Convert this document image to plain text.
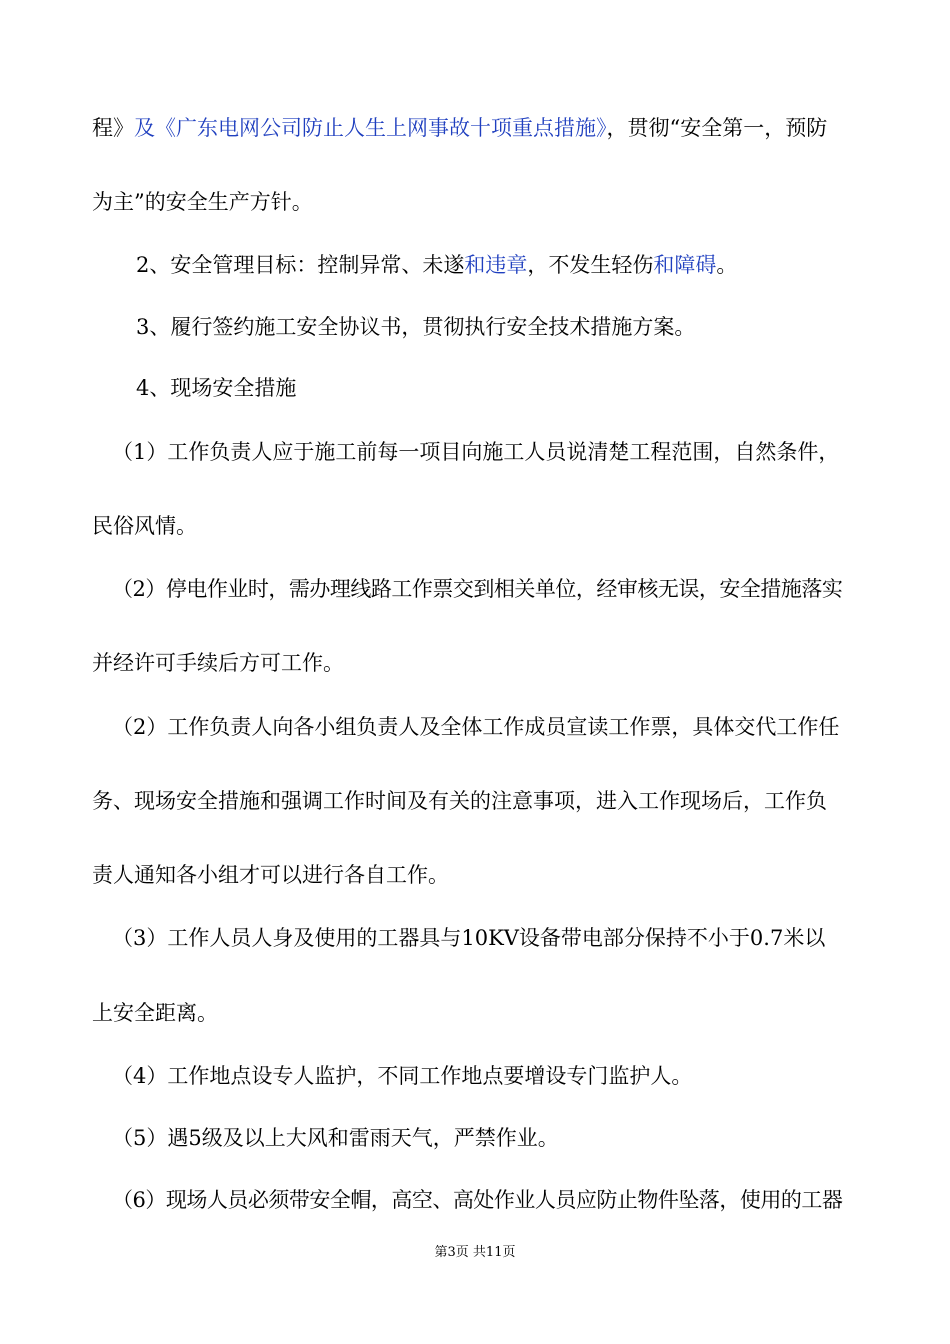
程》及《广东电网公司防止人生上网事故十项重点措施》，贯彻“安全第一，预防
为主”的安全生产方针。
2、安全管理目标：控制异常、未遂和违章，不发生轻伤和障碍。
3、履行签约施工安全协议书，贯彻执行安全技术措施方案。
4、现场安全措施
（1）工作负责人应于施工前每一项目向施工人员说清楚工程范围，自然条件，
民俗风情。
（2）停电作业时，需办理线路工作票交到相关单位，经审核无误，安全措施落实
并经许可手续后方可工作。
（2）工作负责人向各小组负责人及全体工作成员宣读工作票，具体交代工作任
务、现场安全措施和强调工作时间及有关的注意事项，进入工作现场后，工作负
责人通知各小组才可以进行各自工作。
（3）工作人员人身及使用的工器具与10KV设备带电部分保持不小于0.7米以
上安全距离。
（4）工作地点设专人监护，不同工作地点要增设专门监护人。
（5）遇5级及以上大风和雷雨天气，严禁作业。
（6）现场人员必须带安全帽，高空、高处作业人员应防止物件坠落，使用的工器
第3页 共11页
